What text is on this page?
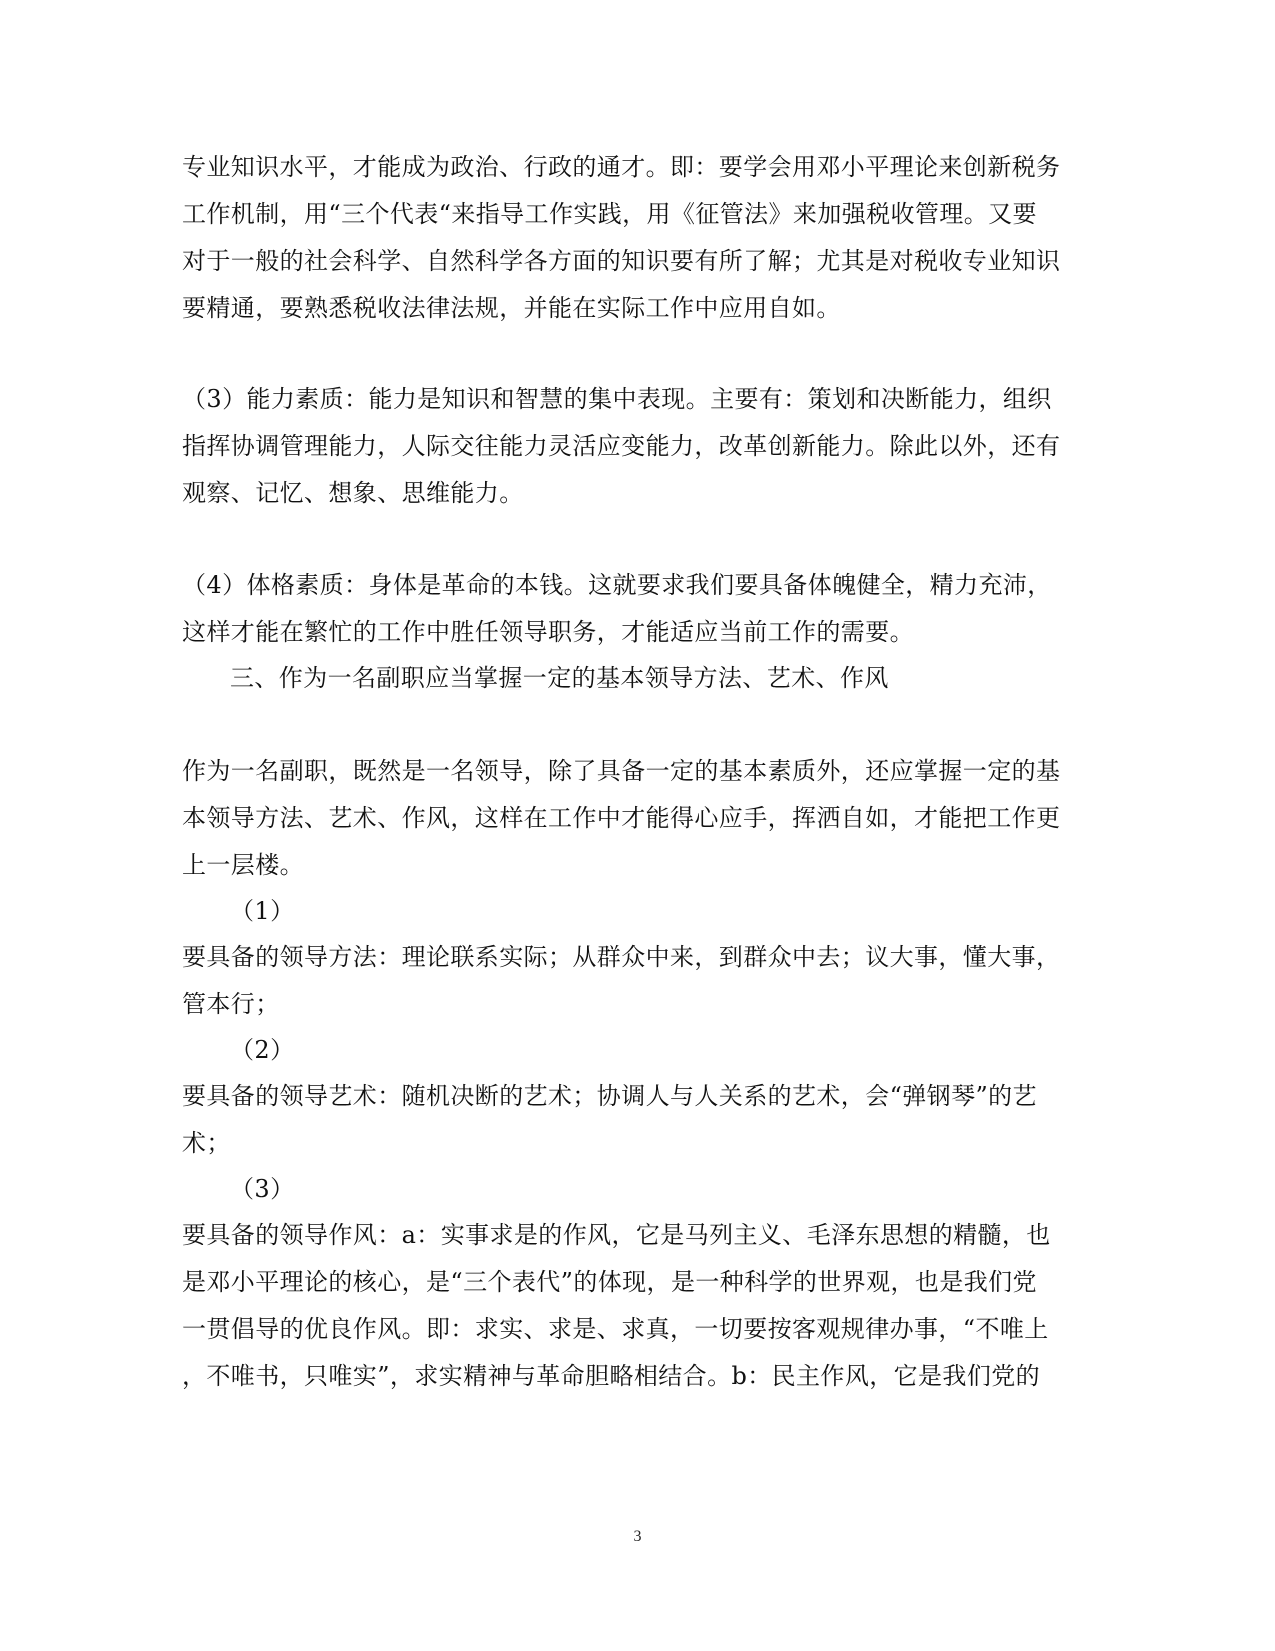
专业知识水平，才能成为政治、行政的通才。即：要学会用邓小平理论来创新税务
工作机制，用“三个代表“来指导工作实践，用《征管法》来加强税收管理。又要
对于一般的社会科学、自然科学各方面的知识要有所了解；尤其是对税收专业知识
要精通，要熟悉税收法律法规，并能在实际工作中应用自如。
（3）能力素质：能力是知识和智慧的集中表现。主要有：策划和决断能力，组织
指挥协调管理能力，人际交往能力灵活应变能力，改革创新能力。除此以外，还有
观察、记忆、想象、思维能力。
（4）体格素质：身体是革命的本钱。这就要求我们要具备体魄健全，精力充沛，
这样才能在繁忙的工作中胜任领导职务，才能适应当前工作的需要。
三、作为一名副职应当掌握一定的基本领导方法、艺术、作风
作为一名副职，既然是一名领导，除了具备一定的基本素质外，还应掌握一定的基
本领导方法、艺术、作风，这样在工作中才能得心应手，挥洒自如，才能把工作更
上一层楼。
（1）
要具备的领导方法：理论联系实际；从群众中来，到群众中去；议大事，懂大事，
管本行；
（2）
要具备的领导艺术：随机决断的艺术；协调人与人关系的艺术，会“弹钢琴”的艺
术；
（3）
要具备的领导作风：a：实事求是的作风，它是马列主义、毛泽东思想的精髓，也
是邓小平理论的核心，是“三个表代”的体现，是一种科学的世界观，也是我们党
一贯倡导的优良作风。即：求实、求是、求真，一切要按客观规律办事，“不唯上
，不唯书，只唯实”，求实精神与革命胆略相结合。b：民主作风，它是我们党的
3
